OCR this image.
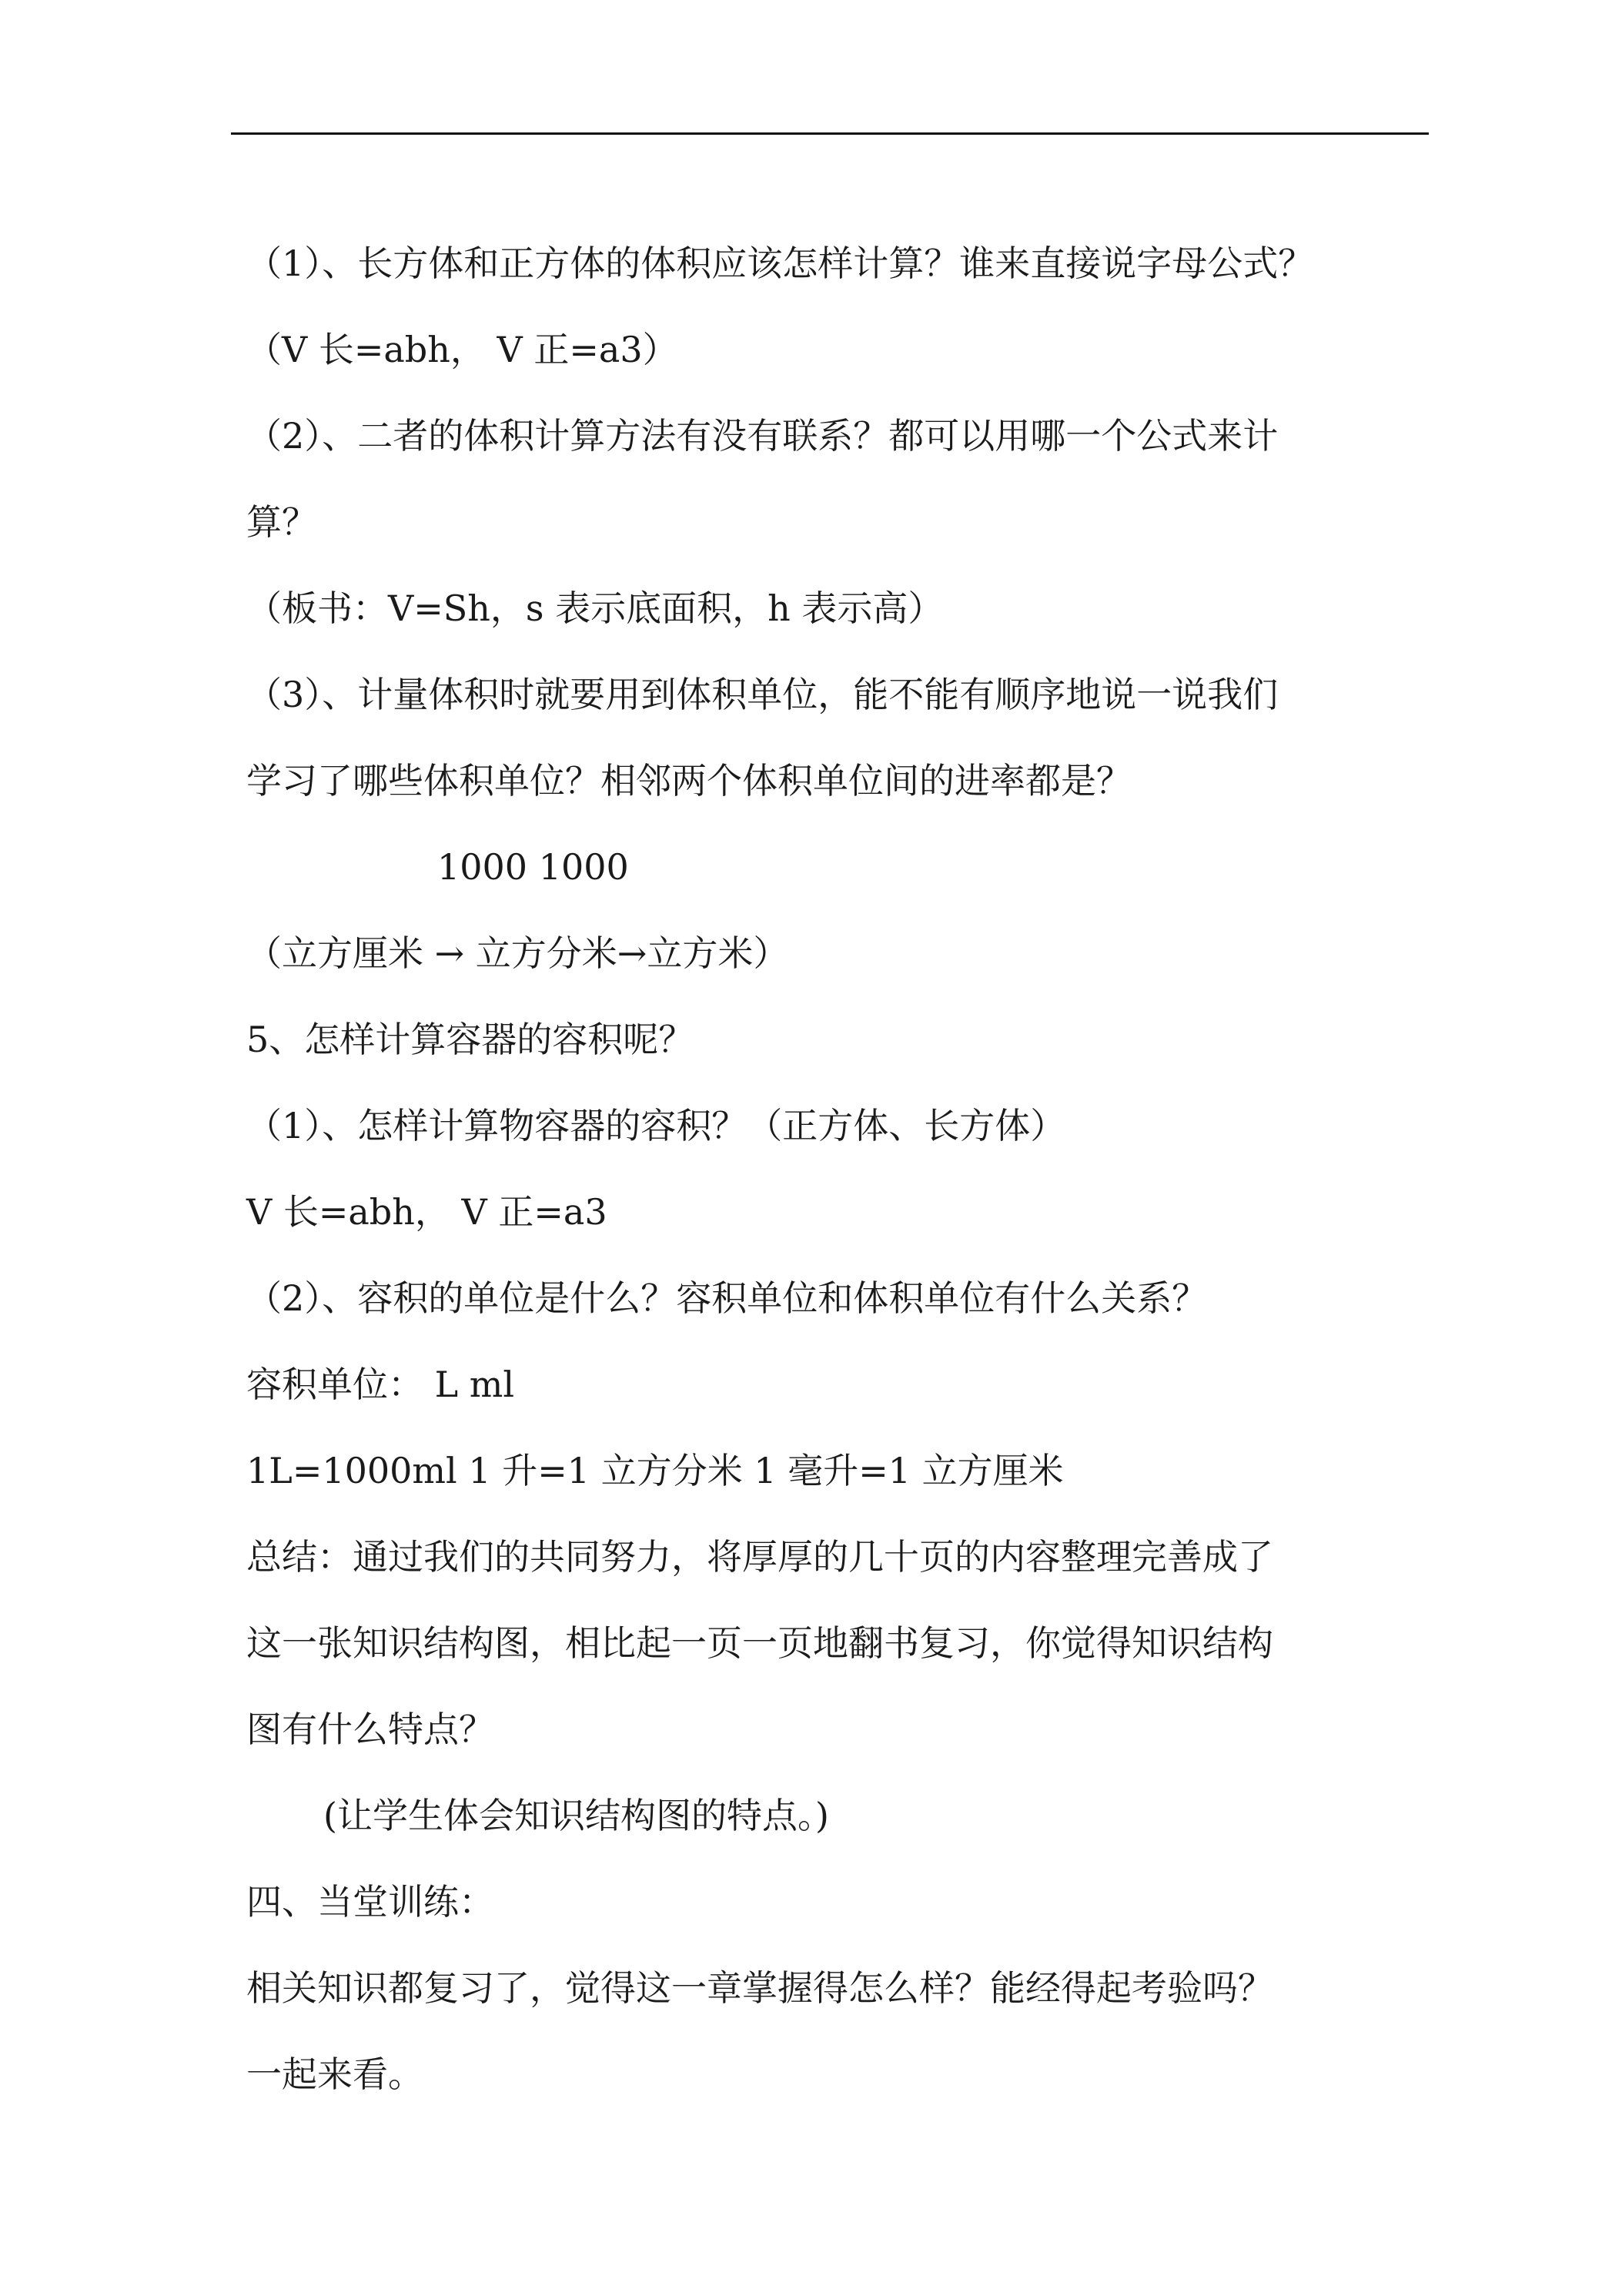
（1）、长方体和正方体的体积应该怎样计算？谁来直接说字母公式？
（V 长=abh， V 正=a3）
（2）、二者的体积计算方法有没有联系？都可以用哪一个公式来计
算？
（板书：V=Sh，s 表示底面积，h 表示高）
（3）、计量体积时就要用到体积单位，能不能有顺序地说一说我们
学习了哪些体积单位？相邻两个体积单位间的进率都是？
1000 1000
（立方厘米 → 立方分米→立方米）
5、怎样计算容器的容积呢？
（1）、怎样计算物容器的容积？（正方体、长方体）
V 长=abh， V 正=a3
（2）、容积的单位是什么？容积单位和体积单位有什么关系？
容积单位： L ml
1L=1000ml 1 升=1 立方分米 1 毫升=1 立方厘米
总结：通过我们的共同努力，将厚厚的几十页的内容整理完善成了
这一张知识结构图，相比起一页一页地翻书复习，你觉得知识结构
图有什么特点？
(让学生体会知识结构图的特点。)
四、当堂训练：
相关知识都复习了，觉得这一章掌握得怎么样？能经得起考验吗？
一起来看。
